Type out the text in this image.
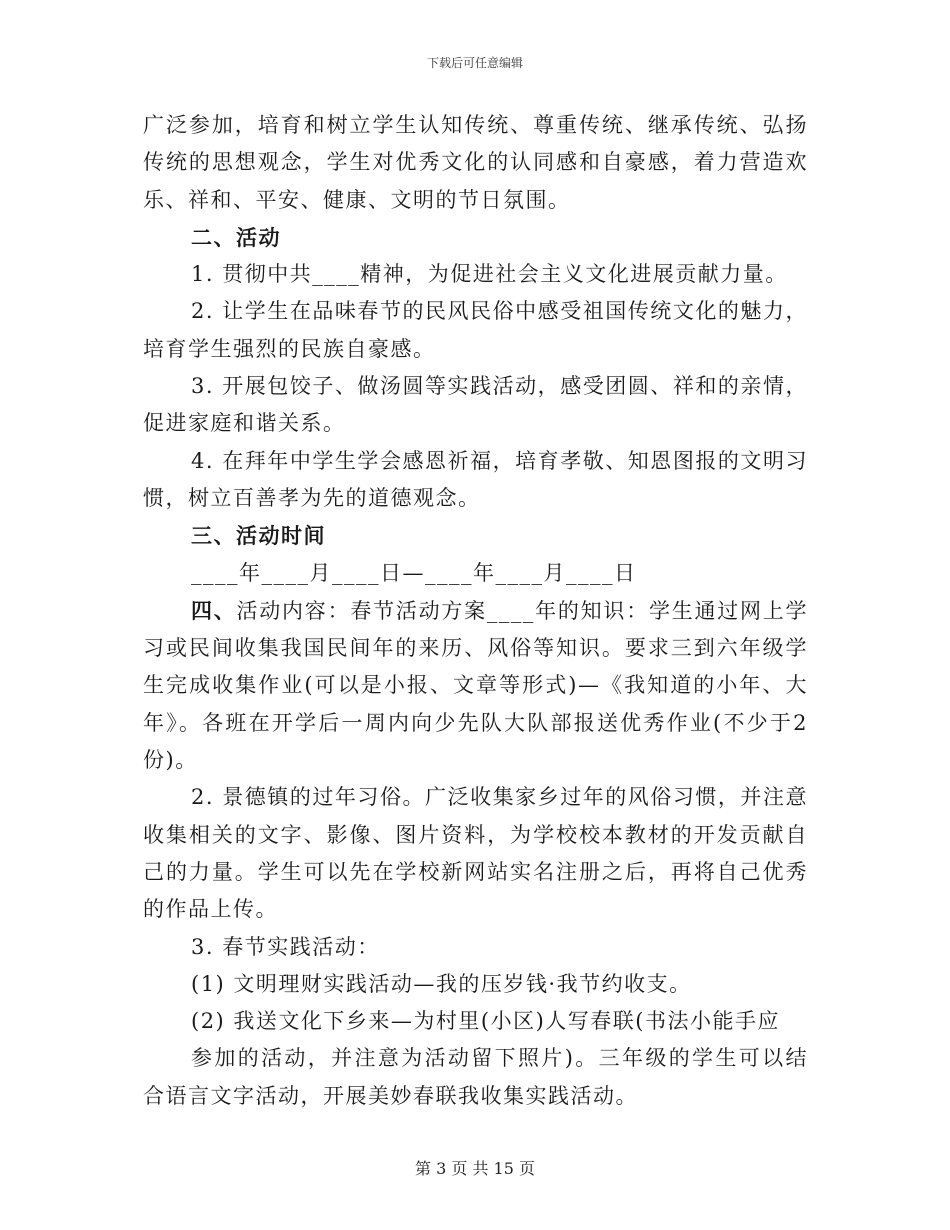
下载后可任意编辑

广泛参加，培育和树立学生认知传统、尊重传统、继承传统、弘扬传统的思想观念，学生对优秀文化的认同感和自豪感，着力营造欢乐、祥和、平安、健康、文明的节日氛围。

二、活动

1. 贯彻中共____精神，为促进社会主义文化进展贡献力量。

2. 让学生在品味春节的民风民俗中感受祖国传统文化的魅力，培育学生强烈的民族自豪感。

3. 开展包饺子、做汤圆等实践活动，感受团圆、祥和的亲情，促进家庭和谐关系。

4. 在拜年中学生学会感恩祈福，培育孝敬、知恩图报的文明习惯，树立百善孝为先的道德观念。

三、活动时间

____年____月____日—____年____月____日

四、活动内容：春节活动方案____年的知识：学生通过网上学习或民间收集我国民间年的来历、风俗等知识。要求三到六年级学生完成收集作业(可以是小报、文章等形式)—《我知道的小年、大年》。各班在开学后一周内向少先队大队部报送优秀作业(不少于2份)。

2. 景德镇的过年习俗。广泛收集家乡过年的风俗习惯，并注意收集相关的文字、影像、图片资料，为学校校本教材的开发贡献自己的力量。学生可以先在学校新网站实名注册之后，再将自己优秀的作品上传。

3. 春节实践活动：

(1) 文明理财实践活动—我的压岁钱·我节约收支。

(2) 我送文化下乡来—为村里(小区)人写春联(书法小能手应

参加的活动，并注意为活动留下照片)。三年级的学生可以结合语言文字活动，开展美妙春联我收集实践活动。

第 3 页 共 15 页
